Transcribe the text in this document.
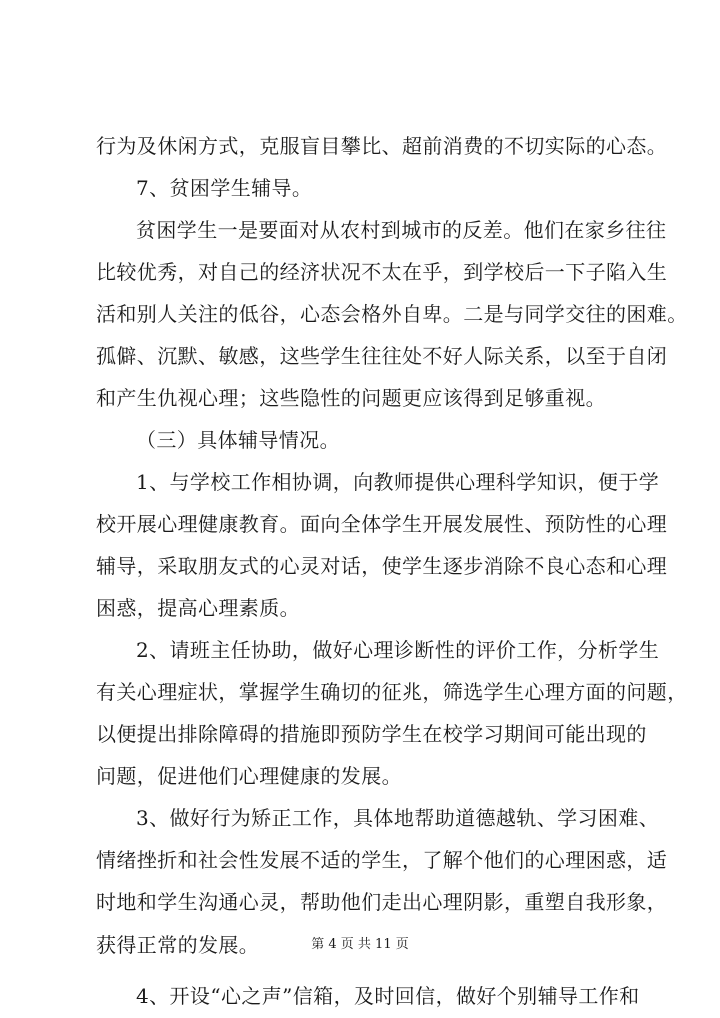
行为及休闲方式，克服盲目攀比、超前消费的不切实际的心态。
7、贫困学生辅导。
贫困学生一是要面对从农村到城市的反差。他们在家乡往往
比较优秀，对自己的经济状况不太在乎，到学校后一下子陷入生
活和别人关注的低谷，心态会格外自卑。二是与同学交往的困难。
孤僻、沉默、敏感，这些学生往往处不好人际关系，以至于自闭
和产生仇视心理；这些隐性的问题更应该得到足够重视。
（三）具体辅导情况。
1、与学校工作相协调，向教师提供心理科学知识，便于学
校开展心理健康教育。面向全体学生开展发展性、预防性的心理
辅导，采取朋友式的心灵对话，使学生逐步消除不良心态和心理
困惑，提高心理素质。
2、请班主任协助，做好心理诊断性的评价工作，分析学生
有关心理症状，掌握学生确切的征兆，筛选学生心理方面的问题，
以便提出排除障碍的措施即预防学生在校学习期间可能出现的
问题，促进他们心理健康的发展。
3、做好行为矫正工作，具体地帮助道德越轨、学习困难、
情绪挫折和社会性发展不适的学生，了解个他们的心理困惑，适
时地和学生沟通心灵，帮助他们走出心理阴影，重塑自我形象，
获得正常的发展。
4、开设“心之声”信箱，及时回信，做好个别辅导工作和
第 4 页 共 11 页
